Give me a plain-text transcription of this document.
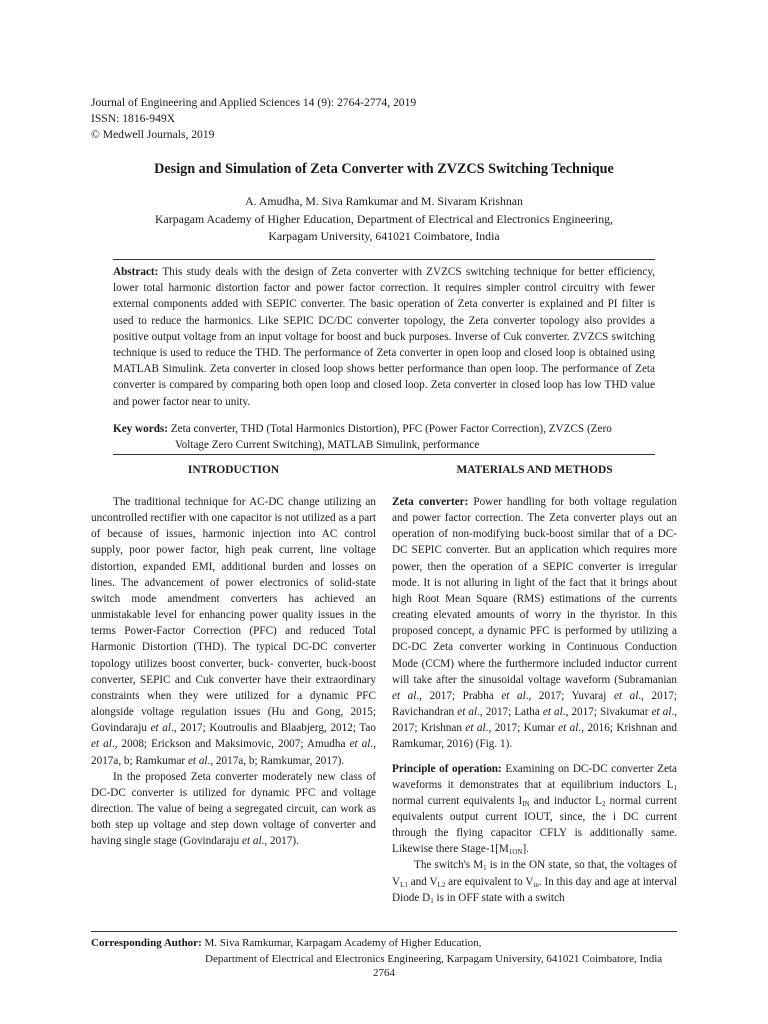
Journal of Engineering and Applied Sciences 14 (9): 2764-2774, 2019
ISSN: 1816-949X
© Medwell Journals, 2019
Design and Simulation of Zeta Converter with ZVZCS Switching Technique
A. Amudha, M. Siva Ramkumar and M. Sivaram Krishnan
Karpagam Academy of Higher Education, Department of Electrical and Electronics Engineering,
Karpagam University, 641021 Coimbatore, India
Abstract: This study deals with the design of Zeta converter with ZVZCS switching technique for better efficiency, lower total harmonic distortion factor and power factor correction. It requires simpler control circuitry with fewer external components added with SEPIC converter. The basic operation of Zeta converter is explained and PI filter is used to reduce the harmonics. Like SEPIC DC/DC converter topology, the Zeta converter topology also provides a positive output voltage from an input voltage for boost and buck purposes. Inverse of Cuk converter. ZVZCS switching technique is used to reduce the THD. The performance of Zeta converter in open loop and closed loop is obtained using MATLAB Simulink. Zeta converter in closed loop shows better performance than open loop. The performance of Zeta converter is compared by comparing both open loop and closed loop. Zeta converter in closed loop has low THD value and power factor near to unity.
Key words: Zeta converter, THD (Total Harmonics Distortion), PFC (Power Factor Correction), ZVZCS (Zero
Voltage Zero Current Switching), MATLAB Simulink, performance
INTRODUCTION	MATERIALS AND METHODS

The traditional technique for AC-DC change utilizing an uncontrolled rectifier with one capacitor is not utilized as a part of because of issues, harmonic injection into AC control supply, poor power factor, high peak current, line voltage distortion, expanded EMI, additional burden and losses on lines. The advancement of power electronics of solid-state switch mode amendment converters has achieved an unmistakable level for enhancing power quality issues in the terms Power-Factor Correction (PFC) and reduced Total Harmonic Distortion (THD). The typical DC-DC converter topology utilizes boost converter, buck- converter, buck-boost converter, SEPIC and Cuk converter have their extraordinary constraints when they were utilized for a dynamic PFC alongside voltage regulation issues (Hu and Gong, 2015; Govindaraju et al., 2017; Koutroulis and Blaabjerg, 2012; Tao et al., 2008; Erickson and Maksimovic, 2007; Amudha et al., 2017a, b; Ramkumar et al., 2017a, b; Ramkumar, 2017).

In the proposed Zeta converter moderately new class of DC-DC converter is utilized for dynamic PFC and voltage direction. The value of being a segregated circuit, can work as both step up voltage and step down voltage of converter and having single stage (Govindaraju et al., 2017).

Zeta converter: Power handling for both voltage regulation and power factor correction. The Zeta converter plays out an operation of non-modifying buck-boost similar that of a DC-DC SEPIC converter. But an application which requires more power, then the operation of a SEPIC converter is irregular mode. It is not alluring in light of the fact that it brings about high Root Mean Square (RMS) estimations of the currents creating elevated amounts of worry in the thyristor. In this proposed concept, a dynamic PFC is performed by utilizing a DC-DC Zeta converter working in Continuous Conduction Mode (CCM) where the furthermore included inductor current will take after the sinusoidal voltage waveform (Subramanian et al., 2017; Prabha et al., 2017; Yuvaraj et al., 2017; Ravichandran et al., 2017; Latha et al., 2017; Sivakumar et al., 2017; Krishnan et al., 2017; Kumar et al., 2016; Krishnan and Ramkumar, 2016) (Fig. 1).

Principle of operation: Examining on DC-DC converter Zeta waveforms it demonstrates that at equilibrium inductors $L_1$ normal current equivalents $I_{IN}$ and inductor $L_2$ normal current equivalents output current IOUT, since, the i DC current through the flying capacitor CFLY is additionally same. Likewise there Stage-$1[M_{1ON}]$.

The switch's $M_1$ is in the ON state, so that, the voltages of $V_{L1}$ and $V_{L2}$ are equivalent to $V_{in}$. In this day and age at interval Diode $D_1$ is in OFF state with a switch

Corresponding Author: M. Siva Ramkumar, Karpagam Academy of Higher Education,
Department of Electrical and Electronics Engineering, Karpagam University, 641021 Coimbatore, India
2764
